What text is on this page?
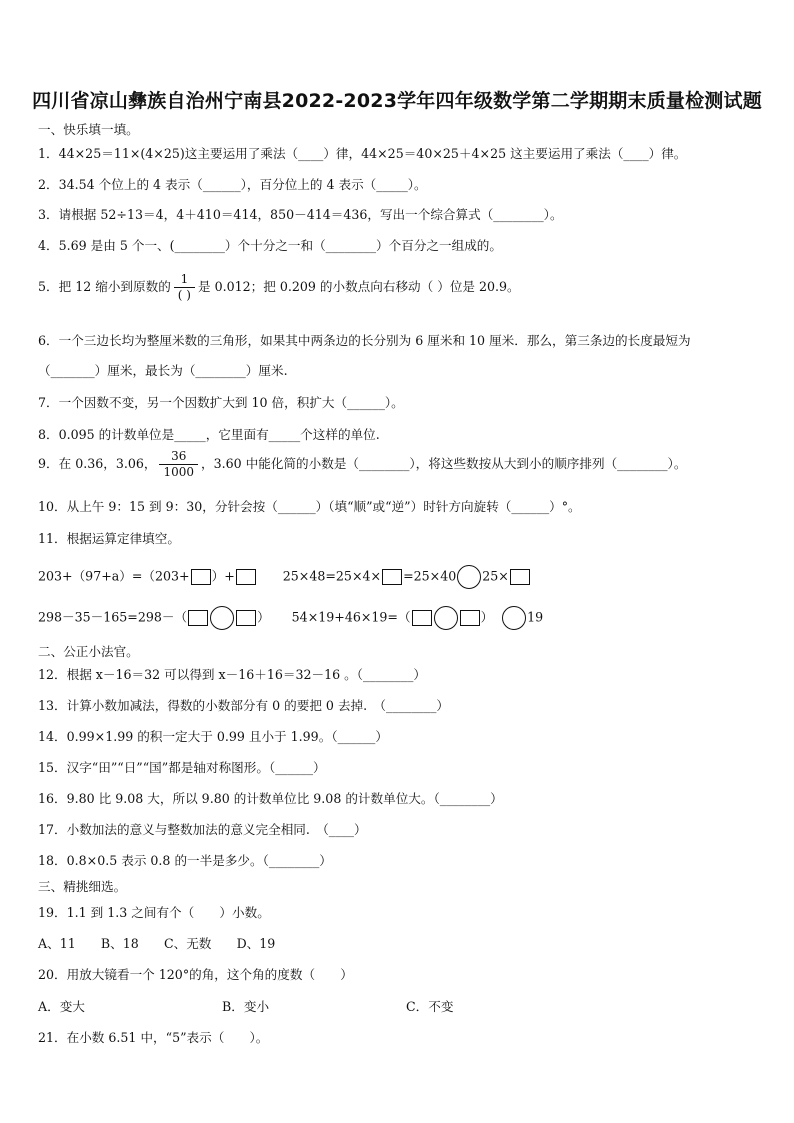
四川省凉山彝族自治州宁南县2022-2023学年四年级数学第二学期期末质量检测试题
一、快乐填一填。
1．44×25＝11×(4×25)这主要运用了乘法（____）律，44×25＝40×25＋4×25 这主要运用了乘法（____）律。
2．34.54 个位上的 4 表示（______），百分位上的 4 表示（_____）。
3．请根据 52÷13＝4，4＋410＝414，850－414＝436，写出一个综合算式（________）。
4．5.69 是由 5 个一、(________）个十分之一和（________）个百分之一组成的。
5．把 12 缩小到原数的 $\frac{1}{( )}$ 是 0.012；把 0.209 的小数点向右移动（ ）位是 20.9。
6．一个三边长均为整厘米数的三角形，如果其中两条边的长分别为 6 厘米和 10 厘米．那么，第三条边的长度最短为
（_______）厘米，最长为（________）厘米.
7．一个因数不变，另一个因数扩大到 10 倍，积扩大（______）。
8．0.095 的计数单位是_____，它里面有_____个这样的单位.
9．在 0.36，3.06， $\frac{36}{1000}$ ，3.60 中能化简的小数是（________），将这些数按从大到小的顺序排列（________）。
10．从上午 9：15 到 9：30，分针会按（______）（填“顺”或“逆”）时针方向旋转（______）°。
11．根据运算定律填空。
203+（97+a）=（203+ ）+	25×48=25×4× =25×40 25×
298－35－165=298－（	） 54×19+46×19=（	）	19
二、公正小法官。
12．根据 x－16＝32 可以得到 x－16＋16＝32－16 。（________）
13．计算小数加减法，得数的小数部分有 0 的要把 0 去掉.　（________）
14．0.99×1.99 的积一定大于 0.99 且小于 1.99。（______）
15．汉字“田”“日”“国”都是轴对称图形。（______）
16．9.80 比 9.08 大，所以 9.80 的计数单位比 9.08 的计数单位大。（________）
17．小数加法的意义与整数加法的意义完全相同.　（____）
18．0.8×0.5 表示 0.8 的一半是多少。（________）
三、精挑细选。
19．1.1 到 1.3 之间有个（　　）小数。
A、11　　B、18　　C、无数　　D、19
20．用放大镜看一个 120°的角，这个角的度数（　　）
A．变大	B．变小	C．不变
21．在小数 6.51 中，“5”表示（　　）。
